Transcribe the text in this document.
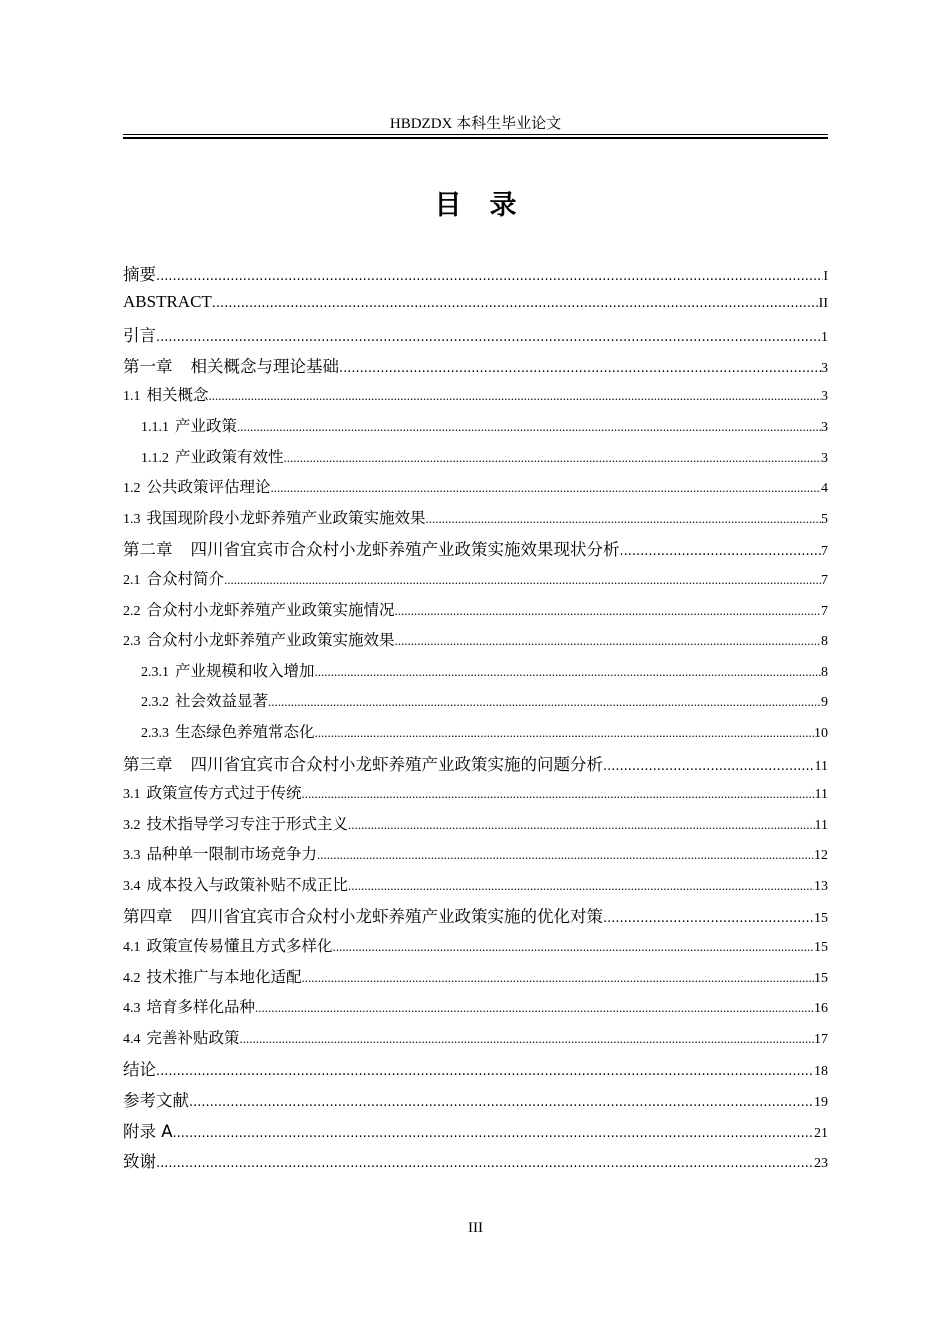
HBDZDX 本科生毕业论文
目录
摘要 .....	I
ABSTRACT .....	II
引言 .....	1
第一章 相关概念与理论基础 .....	3
1.1 相关概念 .....	3
1.1.1 产业政策 .....	3
1.1.2 产业政策有效性 .....	3
1.2 公共政策评估理论 .....	4
1.3 我国现阶段小龙虾养殖产业政策实施效果 .....	5
第二章 四川省宜宾市合众村小龙虾养殖产业政策实施效果现状分析 .....	7
2.1 合众村简介 .....	7
2.2 合众村小龙虾养殖产业政策实施情况 .....	7
2.3 合众村小龙虾养殖产业政策实施效果 .....	8
2.3.1 产业规模和收入增加 .....	8
2.3.2 社会效益显著 .....	9
2.3.3 生态绿色养殖常态化 .....	10
第三章 四川省宜宾市合众村小龙虾养殖产业政策实施的问题分析 .....	11
3.1 政策宣传方式过于传统 .....	11
3.2 技术指导学习专注于形式主义 .....	11
3.3 品种单一限制市场竞争力 .....	12
3.4 成本投入与政策补贴不成正比 .....	13
第四章 四川省宜宾市合众村小龙虾养殖产业政策实施的优化对策 .....	15
4.1 政策宣传易懂且方式多样化 .....	15
4.2 技术推广与本地化适配 .....	15
4.3 培育多样化品种 .....	16
4.4 完善补贴政策 .....	17
结论 .....	18
参考文献 .....	19
附录 A .....	21
致谢 .....	23
III
